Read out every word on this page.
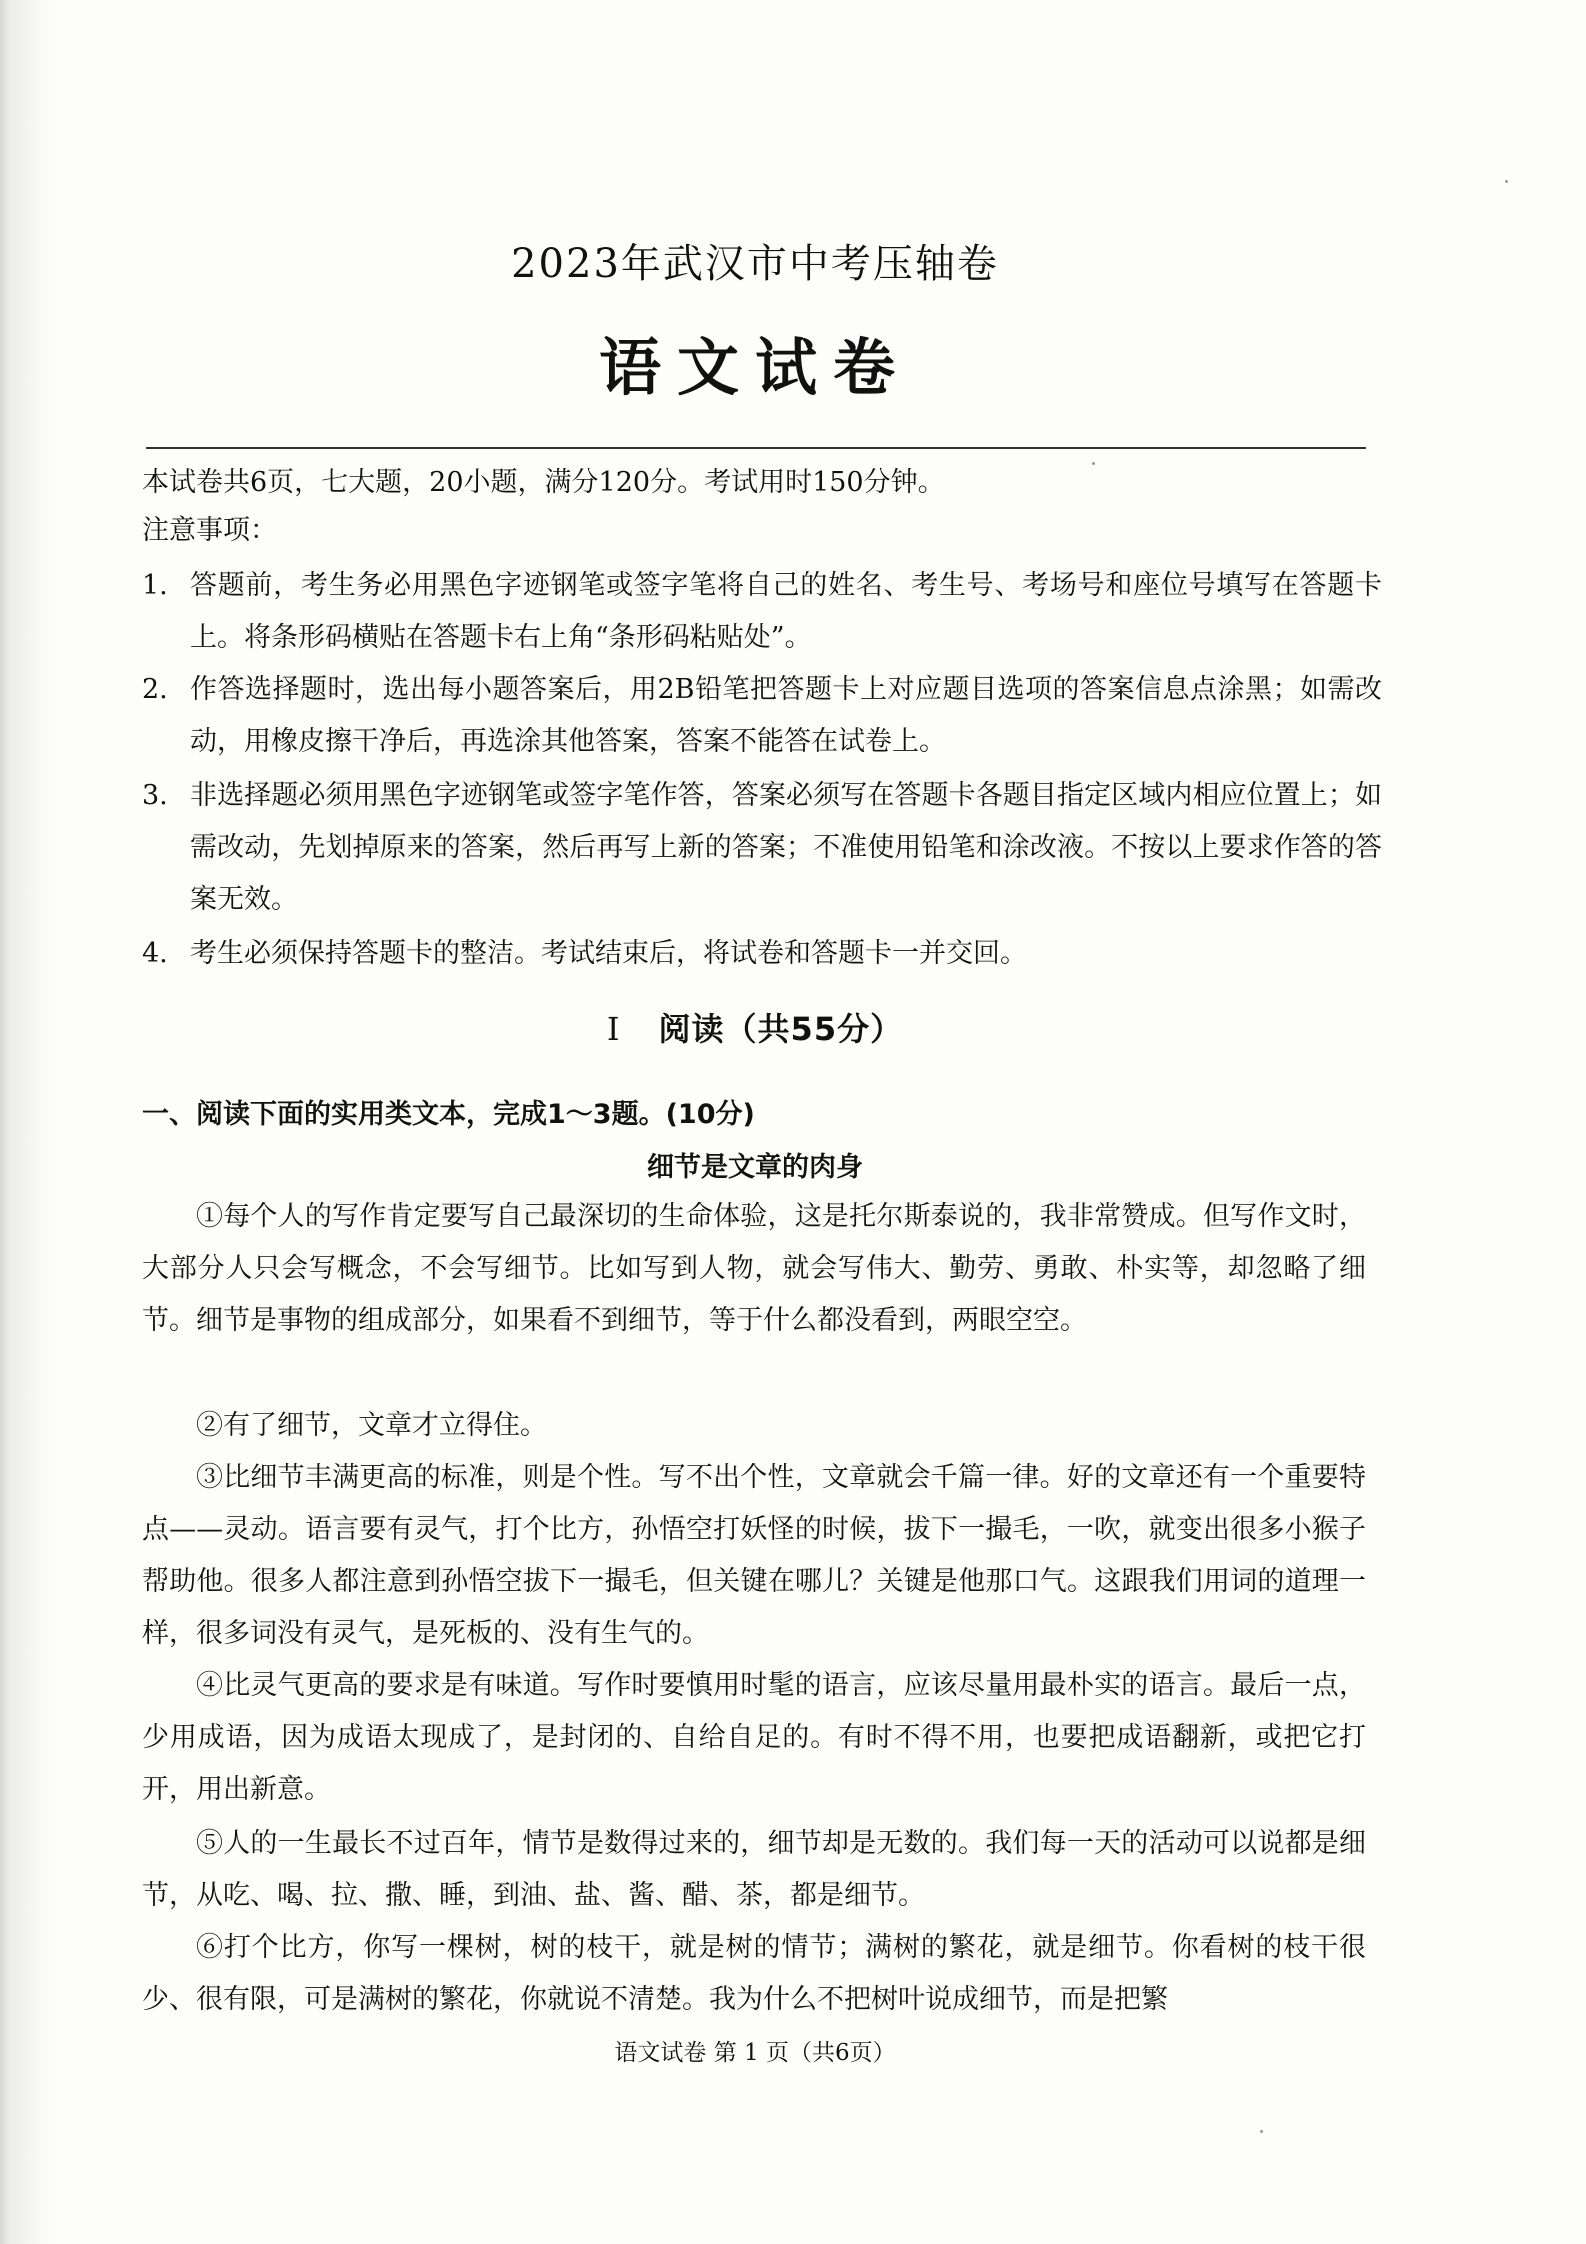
2023年武汉市中考压轴卷
语文试卷
本试卷共6页，七大题，20小题，满分120分。考试用时150分钟。
注意事项：
1. 答题前，考生务必用黑色字迹钢笔或签字笔将自己的姓名、考生号、考场号和座位号填写在答题卡上。将条形码横贴在答题卡右上角“条形码粘贴处”。
2. 作答选择题时，选出每小题答案后，用2B铅笔把答题卡上对应题目选项的答案信息点涂黑；如需改动，用橡皮擦干净后，再选涂其他答案，答案不能答在试卷上。
3. 非选择题必须用黑色字迹钢笔或签字笔作答，答案必须写在答题卡各题目指定区域内相应位置上；如需改动，先划掉原来的答案，然后再写上新的答案；不准使用铅笔和涂改液。不按以上要求作答的答案无效。
4. 考生必须保持答题卡的整洁。考试结束后，将试卷和答题卡一并交回。
I 阅读（共55分）
一、阅读下面的实用类文本，完成1～3题。(10分)
细节是文章的肉身
①每个人的写作肯定要写自己最深切的生命体验，这是托尔斯泰说的，我非常赞成。但写作文时，大部分人只会写概念，不会写细节。比如写到人物，就会写伟大、勤劳、勇敢、朴实等，却忽略了细节。细节是事物的组成部分，如果看不到细节，等于什么都没看到，两眼空空。
②有了细节，文章才立得住。
③比细节丰满更高的标准，则是个性。写不出个性，文章就会千篇一律。好的文章还有一个重要特点——灵动。语言要有灵气，打个比方，孙悟空打妖怪的时候，拔下一撮毛，一吹，就变出很多小猴子帮助他。很多人都注意到孙悟空拔下一撮毛，但关键在哪儿？关键是他那口气。这跟我们用词的道理一样，很多词没有灵气，是死板的、没有生气的。
④比灵气更高的要求是有味道。写作时要慎用时髦的语言，应该尽量用最朴实的语言。最后一点，少用成语，因为成语太现成了，是封闭的、自给自足的。有时不得不用，也要把成语翻新，或把它打开，用出新意。
⑤人的一生最长不过百年，情节是数得过来的，细节却是无数的。我们每一天的活动可以说都是细节，从吃、喝、拉、撒、睡，到油、盐、酱、醋、茶，都是细节。
⑥打个比方，你写一棵树，树的枝干，就是树的情节；满树的繁花，就是细节。你看树的枝干很少、很有限，可是满树的繁花，你就说不清楚。我为什么不把树叶说成细节，而是把繁
语文试卷 第 1 页（共6页）
